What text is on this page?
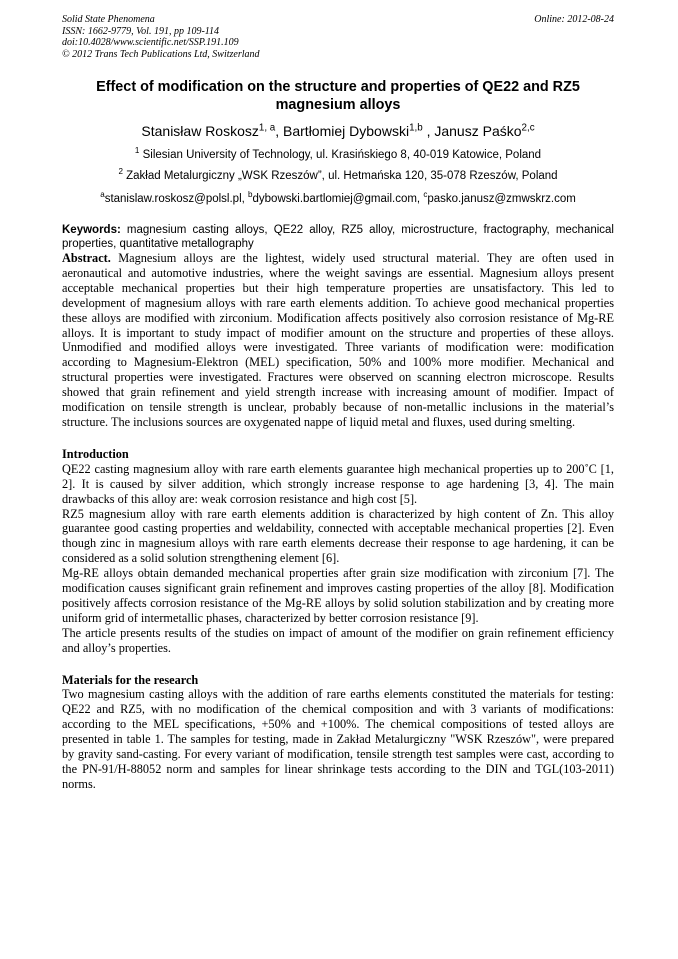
Solid State Phenomena
ISSN: 1662-9779, Vol. 191, pp 109-114
doi:10.4028/www.scientific.net/SSP.191.109
© 2012 Trans Tech Publications Ltd, Switzerland
Online: 2012-08-24
Effect of modification on the structure and properties of QE22 and RZ5 magnesium alloys
Stanisław Roskosz$^{1, a}$, Bartłomiej Dybowski$^{1,b}$ , Janusz Paśko$^{2,c}$
$^1$ Silesian University of Technology, ul. Krasińskiego 8, 40-019 Katowice, Poland
$^2$ Zakład Metalurgiczny „WSK Rzeszów”, ul. Hetmańska 120, 35-078 Rzeszów, Poland
$^a$stanislaw.roskosz@polsl.pl, $^b$dybowski.bartlomiej@gmail.com, $^c$pasko.janusz@zmwskrz.com
Keywords: magnesium casting alloys, QE22 alloy, RZ5 alloy, microstructure, fractography, mechanical properties, quantitative metallography

Abstract. Magnesium alloys are the lightest, widely used structural material. They are often used in aeronautical and automotive industries, where the weight savings are essential. Magnesium alloys present acceptable mechanical properties but their high temperature properties are unsatisfactory. This led to development of magnesium alloys with rare earth elements addition. To achieve good mechanical properties these alloys are modified with zirconium. Modification affects positively also corrosion resistance of Mg-RE alloys. It is important to study impact of modifier amount on the structure and properties of these alloys. Unmodified and modified alloys were investigated. Three variants of modification were: modification according to Magnesium-Elektron (MEL) specification, 50% and 100% more modifier. Mechanical and structural properties were investigated. Fractures were observed on scanning electron microscope. Results showed that grain refinement and yield strength increase with increasing amount of modifier. Impact of modification on tensile strength is unclear, probably because of non-metallic inclusions in the material’s structure. The inclusions sources are oxygenated nappe of liquid metal and fluxes, used during smelting.

Introduction

QE22 casting magnesium alloy with rare earth elements guarantee high mechanical properties up to 200˚C [1, 2]. It is caused by silver addition, which strongly increase response to age hardening [3, 4]. The main drawbacks of this alloy are: weak corrosion resistance and high cost [5].

RZ5 magnesium alloy with rare earth elements addition is characterized by high content of Zn. This alloy guarantee good casting properties and weldability, connected with acceptable mechanical properties [2]. Even though zinc in magnesium alloys with rare earth elements decrease their response to age hardening, it can be considered as a solid solution strengthening element [6].

Mg-RE alloys obtain demanded mechanical properties after grain size modification with zirconium [7]. The modification causes significant grain refinement and improves casting properties of the alloy [8]. Modification positively affects corrosion resistance of the Mg-RE alloys by solid solution stabilization and by creating more uniform grid of intermetallic phases, characterized by better corrosion resistance [9].

The article presents results of the studies on impact of amount of the modifier on grain refinement efficiency and alloy’s properties.

Materials for the research

Two magnesium casting alloys with the addition of rare earths elements constituted the materials for testing: QE22 and RZ5, with no modification of the chemical composition and with 3 variants of modifications: according to the MEL specifications, +50% and +100%. The chemical compositions of tested alloys are presented in table 1. The samples for testing, made in Zakład Metalurgiczny "WSK Rzeszów", were prepared by gravity sand-casting. For every variant of modification, tensile strength test samples were cast, according to the PN-91/H-88052 norm and samples for linear shrinkage tests according to the DIN and TGL(103-2011) norms.
